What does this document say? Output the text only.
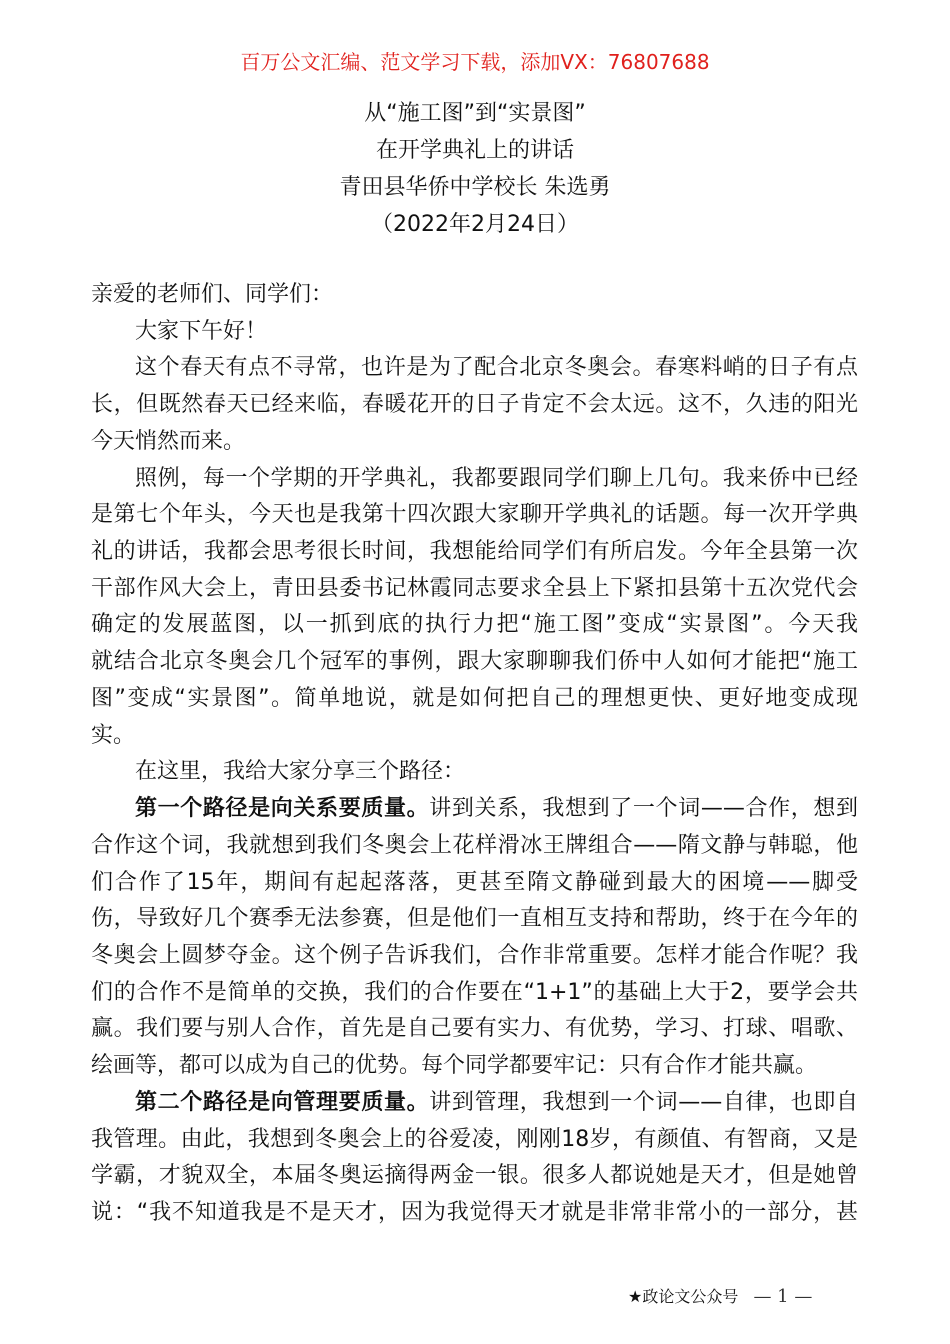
百万公文汇编、范文学习下载，添加VX：76807688
从“施工图”到“实景图”
在开学典礼上的讲话
青田县华侨中学校长 朱选勇
（2022年2月24日）
亲爱的老师们、同学们：
大家下午好！
这个春天有点不寻常，也许是为了配合北京冬奥会。春寒料峭的日子有点
长，但既然春天已经来临，春暖花开的日子肯定不会太远。这不，久违的阳光
今天悄然而来。
照例，每一个学期的开学典礼，我都要跟同学们聊上几句。我来侨中已经
是第七个年头，今天也是我第十四次跟大家聊开学典礼的话题。每一次开学典
礼的讲话，我都会思考很长时间，我想能给同学们有所启发。今年全县第一次
干部作风大会上，青田县委书记林霞同志要求全县上下紧扣县第十五次党代会
确定的发展蓝图，以一抓到底的执行力把“施工图”变成“实景图”。今天我
就结合北京冬奥会几个冠军的事例，跟大家聊聊我们侨中人如何才能把“施工
图”变成“实景图”。简单地说，就是如何把自己的理想更快、更好地变成现
实。
在这里，我给大家分享三个路径：
第一个路径是向关系要质量。讲到关系，我想到了一个词——合作，想到
合作这个词，我就想到我们冬奥会上花样滑冰王牌组合——隋文静与韩聪，他
们合作了15年，期间有起起落落，更甚至隋文静碰到最大的困境——脚受
伤，导致好几个赛季无法参赛，但是他们一直相互支持和帮助，终于在今年的
冬奥会上圆梦夺金。这个例子告诉我们，合作非常重要。怎样才能合作呢？我
们的合作不是简单的交换，我们的合作要在“1+1”的基础上大于2，要学会共
赢。我们要与别人合作，首先是自己要有实力、有优势，学习、打球、唱歌、
绘画等，都可以成为自己的优势。每个同学都要牢记：只有合作才能共赢。
第二个路径是向管理要质量。讲到管理，我想到一个词——自律，也即自
我管理。由此，我想到冬奥会上的谷爱凌，刚刚18岁，有颜值、有智商，又是
学霸，才貌双全，本届冬奥运摘得两金一银。很多人都说她是天才，但是她曾
说：“我不知道我是不是天才，因为我觉得天才就是非常非常小的一部分，甚
★政论文公众号 — 1 —
